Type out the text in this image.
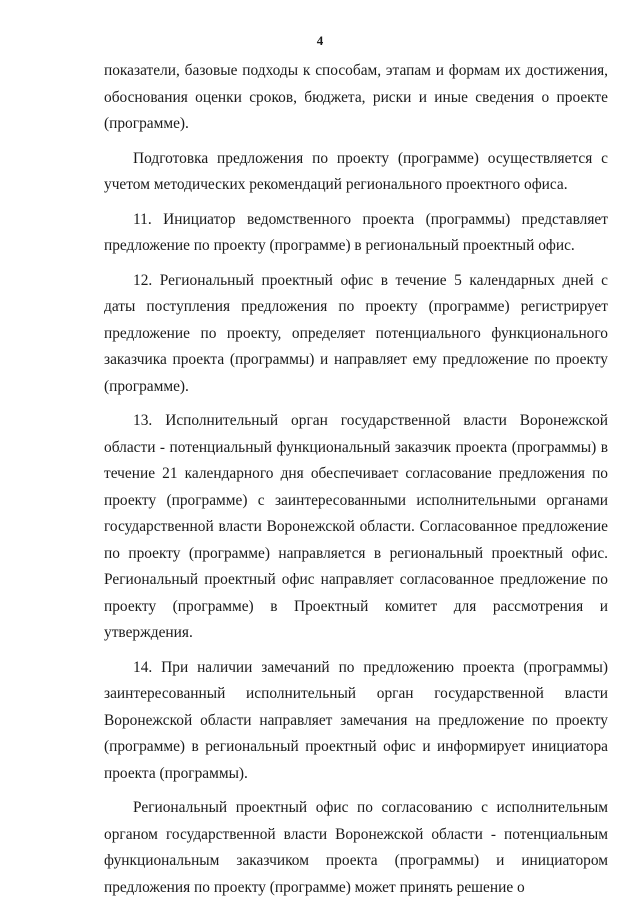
4

показатели, базовые подходы к способам, этапам и формам их достижения, обоснования оценки сроков, бюджета, риски и иные сведения о проекте (программе).

Подготовка предложения по проекту (программе) осуществляется с учетом методических рекомендаций регионального проектного офиса.

11. Инициатор ведомственного проекта (программы) представляет предложение по проекту (программе) в региональный проектный офис.

12. Региональный проектный офис в течение 5 календарных дней с даты поступления предложения по проекту (программе) регистрирует предложение по проекту, определяет потенциального функционального заказчика проекта (программы) и направляет ему предложение по проекту (программе).

13. Исполнительный орган государственной власти Воронежской области - потенциальный функциональный заказчик проекта (программы) в течение 21 календарного дня обеспечивает согласование предложения по проекту (программе) с заинтересованными исполнительными органами государственной власти Воронежской области. Согласованное предложение по проекту (программе) направляется в региональный проектный офис. Региональный проектный офис направляет согласованное предложение по проекту (программе) в Проектный комитет для рассмотрения и утверждения.

14. При наличии замечаний по предложению проекта (программы) заинтересованный исполнительный орган государственной власти Воронежской области направляет замечания на предложение по проекту (программе) в региональный проектный офис и информирует инициатора проекта (программы).

Региональный проектный офис по согласованию с исполнительным органом государственной власти Воронежской области - потенциальным функциональным заказчиком проекта (программы) и инициатором предложения по проекту (программе) может принять решение о
